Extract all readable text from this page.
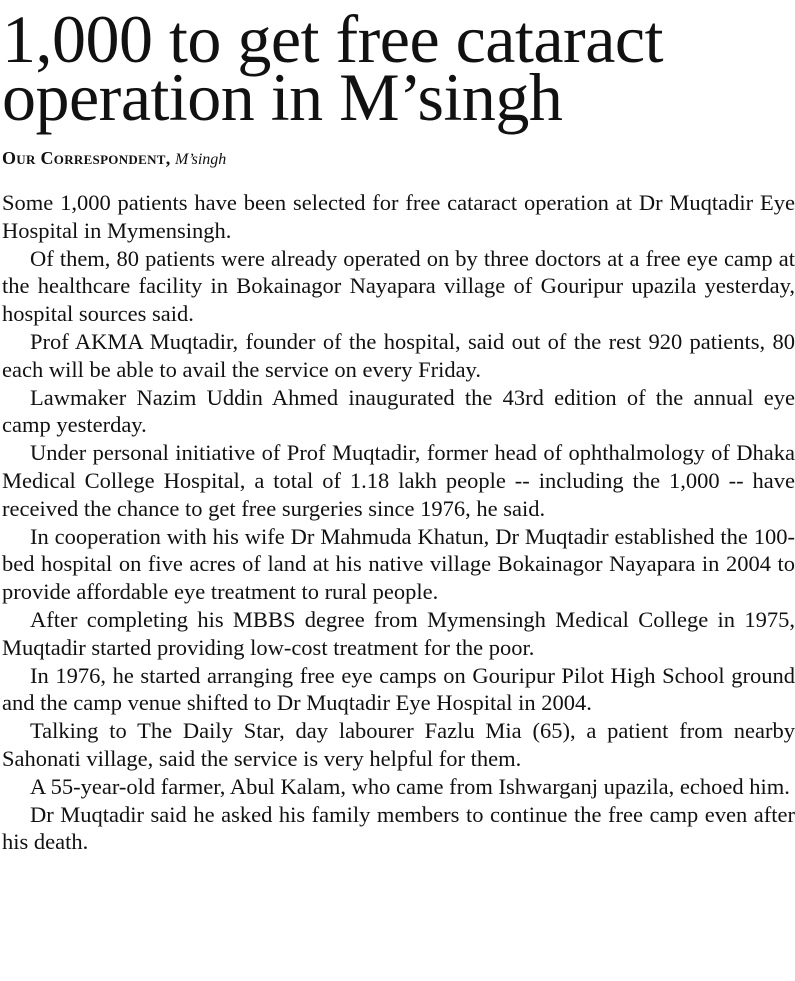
1,000 to get free cataract
operation in M’singh
Our Correspondent, M’singh

Some 1,000 patients have been selected for free cataract operation at Dr Muqtadir Eye Hospital in Mymensingh.

Of them, 80 patients were already operated on by three doctors at a free eye camp at the healthcare facility in Bokainagor Nayapara village of Gouripur upazila yesterday, hospital sources said.

Prof AKMA Muqtadir, founder of the hospital, said out of the rest 920 patients, 80 each will be able to avail the service on every Friday.

Lawmaker Nazim Uddin Ahmed inaugurated the 43rd edition of the annual eye camp yesterday.

Under personal initiative of Prof Muqtadir, former head of ophthalmology of Dhaka Medical College Hospital, a total of 1.18 lakh people -- including the 1,000 -- have received the chance to get free surgeries since 1976, he said.

In cooperation with his wife Dr Mahmuda Khatun, Dr Muqtadir established the 100-bed hospital on five acres of land at his native village Bokainagor Nayapara in 2004 to provide affordable eye treatment to rural people.

After completing his MBBS degree from Mymensingh Medical College in 1975, Muqtadir started providing low-cost treatment for the poor.

In 1976, he started arranging free eye camps on Gouripur Pilot High School ground and the camp venue shifted to Dr Muqtadir Eye Hospital in 2004.

Talking to The Daily Star, day labourer Fazlu Mia (65), a patient from nearby Sahonati village, said the service is very helpful for them.

A 55-year-old farmer, Abul Kalam, who came from Ishwarganj upazila, echoed him.

Dr Muqtadir said he asked his family members to continue the free camp even after his death.
